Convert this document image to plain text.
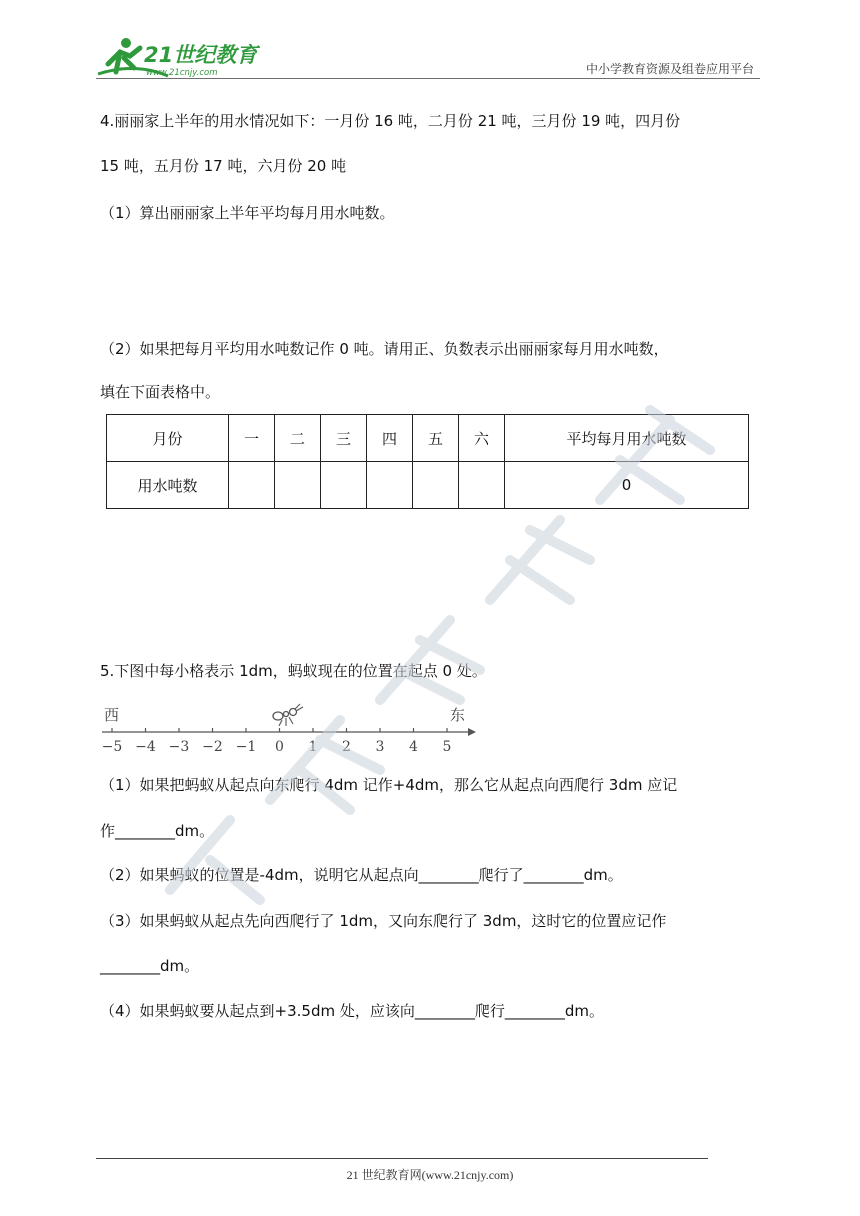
21世纪教育
www.21cnjy.com	中小学教育资源及组卷应用平台
4.丽丽家上半年的用水情况如下：一月份 16 吨，二月份 21 吨，三月份 19 吨，四月份
15 吨，五月份 17 吨，六月份 20 吨
（1）算出丽丽家上半年平均每月用水吨数。
（2）如果把每月平均用水吨数记作 0 吨。请用正、负数表示出丽丽家每月用水吨数，
填在下面表格中。
月份	一	二	三	四	五	六	平均每月用水吨数
用水吨数							0
5.下图中每小格表示 1dm，蚂蚁现在的位置在起点 0 处。
西	东
−5 −4 −3 −2 −1 0 1 2 3 4 5
（1）如果把蚂蚁从起点向东爬行 4dm 记作+4dm，那么它从起点向西爬行 3dm 应记
作________dm。
（2）如果蚂蚁的位置是-4dm，说明它从起点向________爬行了________dm。
（3）如果蚂蚁从起点先向西爬行了 1dm，又向东爬行了 3dm，这时它的位置应记作
________dm。
（4）如果蚂蚁要从起点到+3.5dm 处，应该向________爬行________dm。
21 世纪教育网(www.21cnjy.com)
